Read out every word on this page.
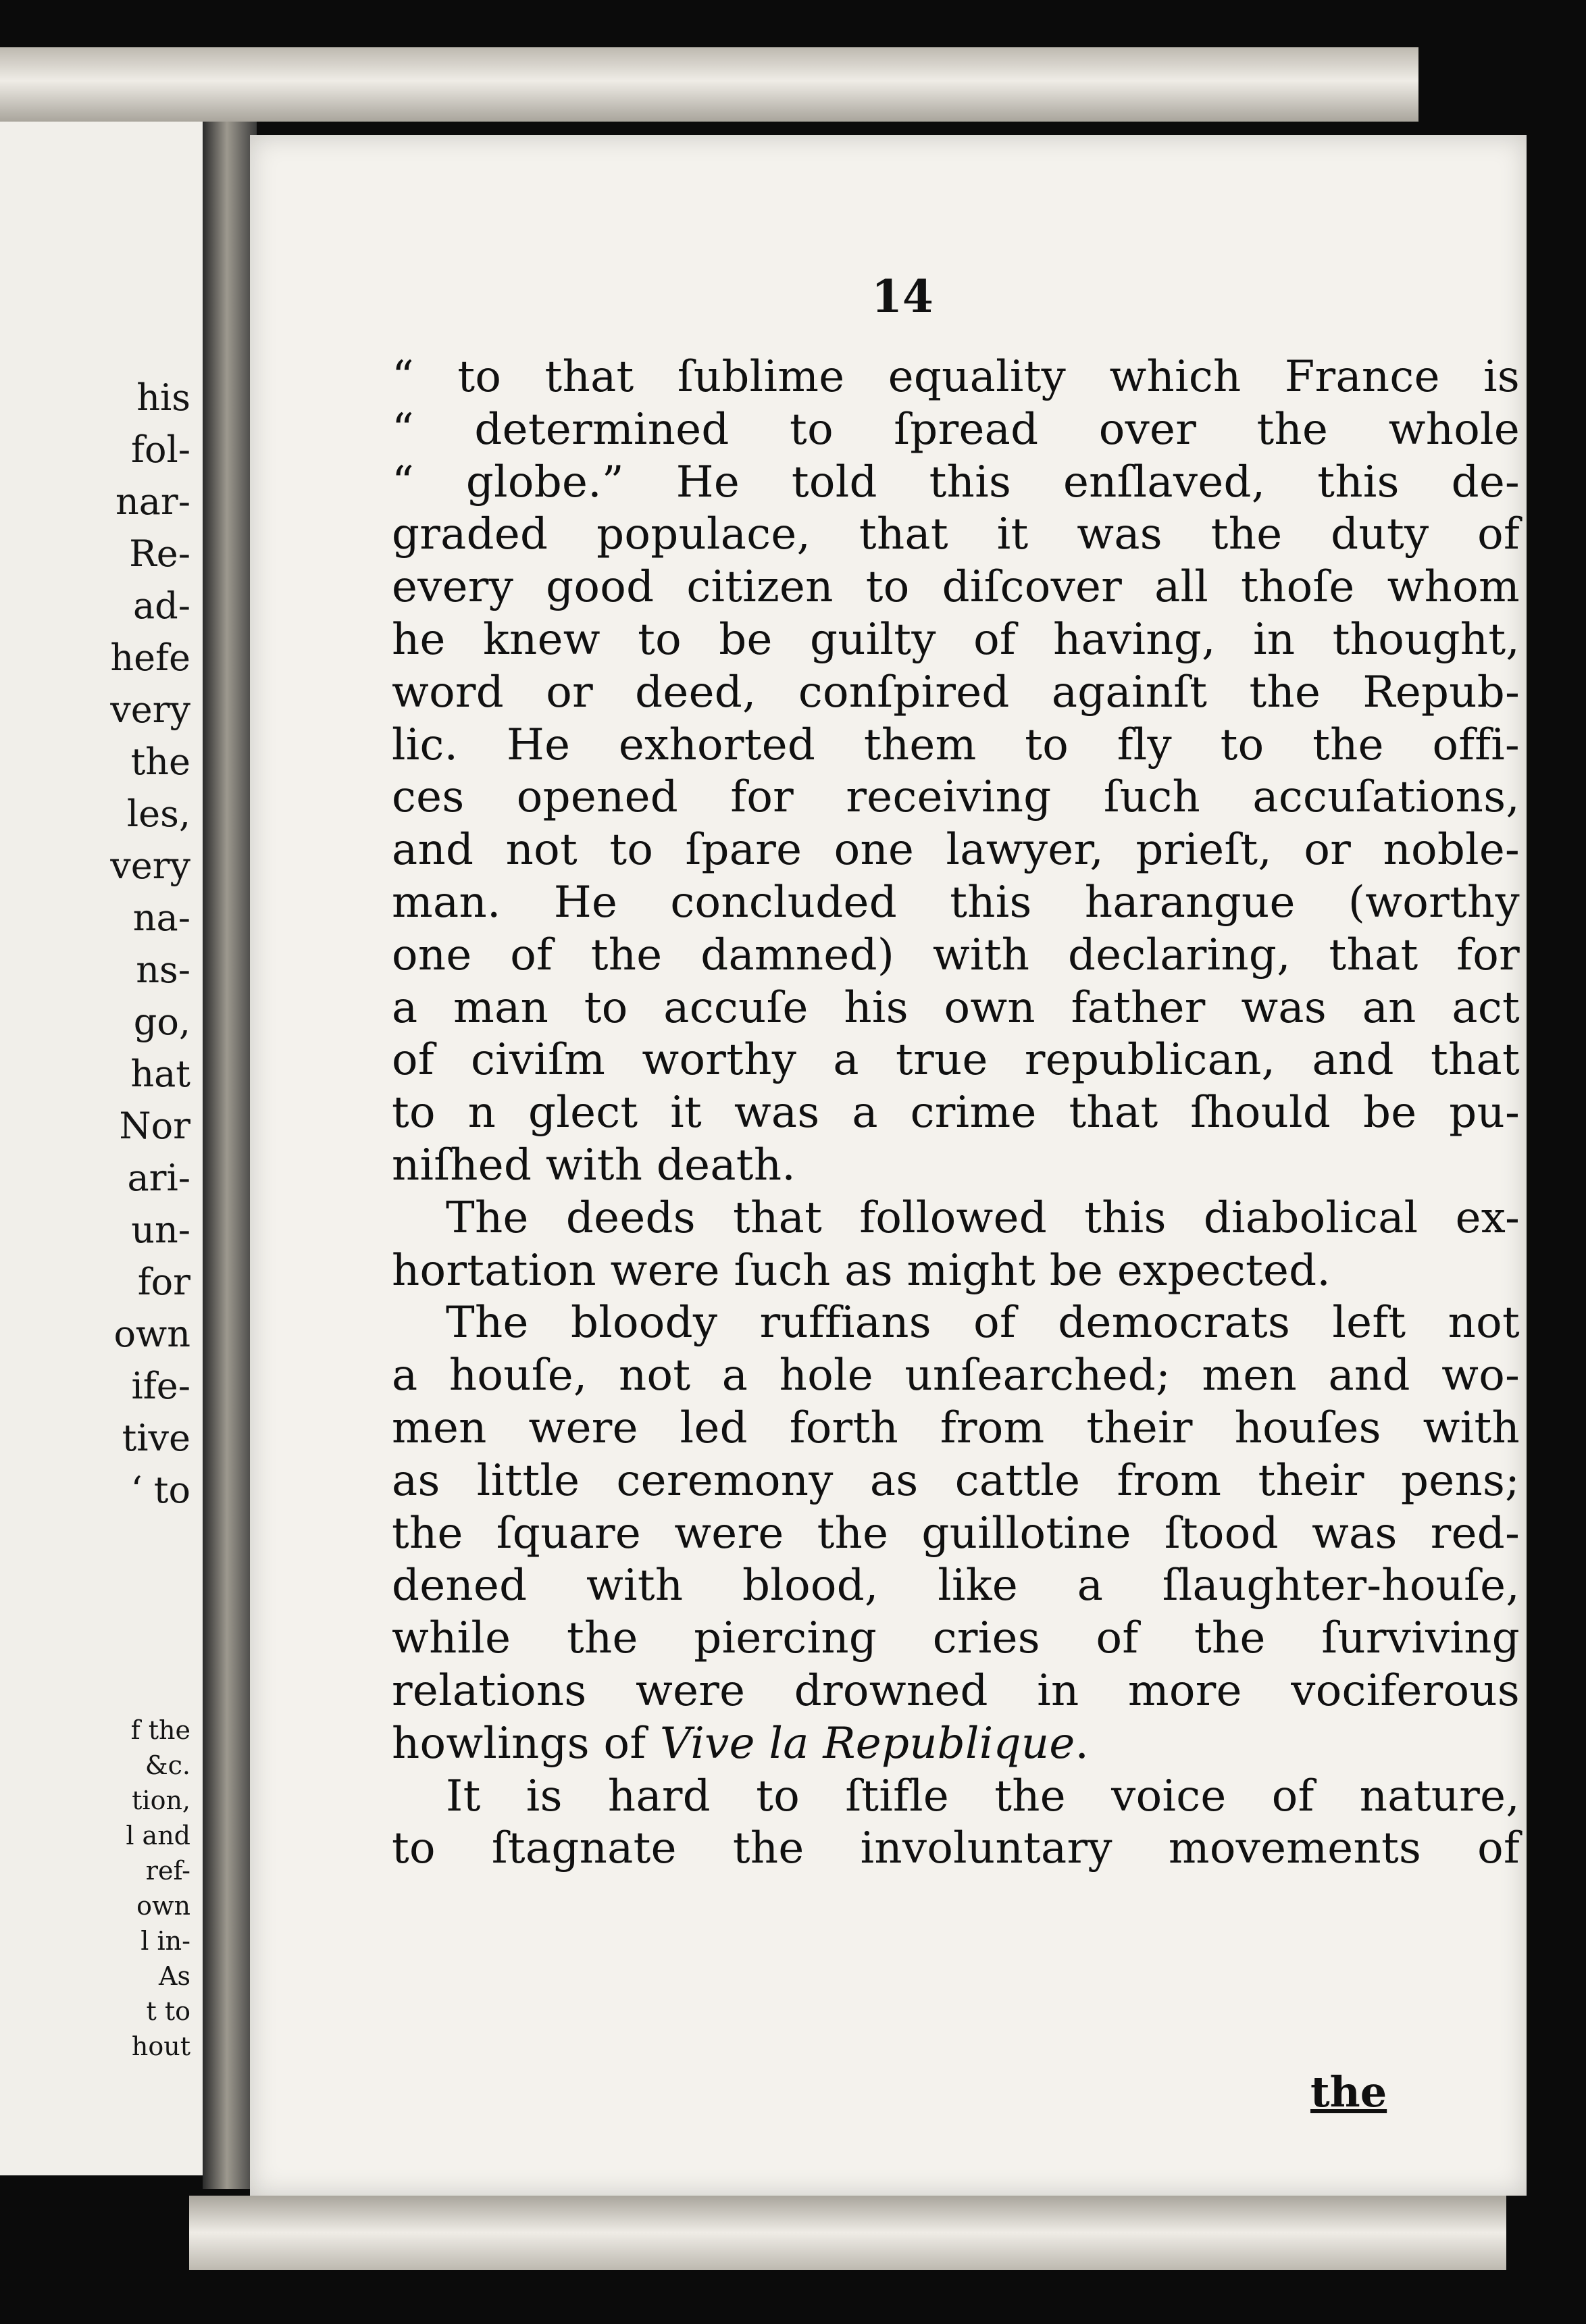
his
fol-
nar-
Re-
ad-
hefe
very
the
les,
very
na-
ns-
go,
hat
Nor
ari-
un-
for
own
ife-
tive
‘ to
f the
&c.
tion,
l and
ref-
own
l in-
As
t to
hout
14
“ to that ſublime equality which France is
“ determined to ſpread over the whole
“ globe.” He told this enſlaved, this de-
graded populace, that it was the duty of
every good citizen to diſcover all thoſe whom
he knew to be guilty of having, in thought,
word or deed, conſpired againſt the Repub-
lic. He exhorted them to fly to the offi-
ces opened for receiving ſuch accuſations,
and not to ſpare one lawyer, prieſt, or noble-
man. He concluded this harangue (worthy
one of the damned) with declaring, that for
a man to accuſe his own father was an act
of civiſm worthy a true republican, and that
to n glect it was a crime that ſhould be pu-
niſhed with death.
The deeds that followed this diabolical ex-
hortation were ſuch as might be expected.
The bloody ruffians of democrats left not
a houſe, not a hole unſearched; men and wo-
men were led forth from their houſes with
as little ceremony as cattle from their pens;
the ſquare were the guillotine ſtood was red-
dened with blood, like a ſlaughter-houſe,
while the piercing cries of the ſurviving
relations were drowned in more vociferous
howlings of Vive la Republique.
It is hard to ſtifle the voice of nature,
to ſtagnate the involuntary movements of
the
